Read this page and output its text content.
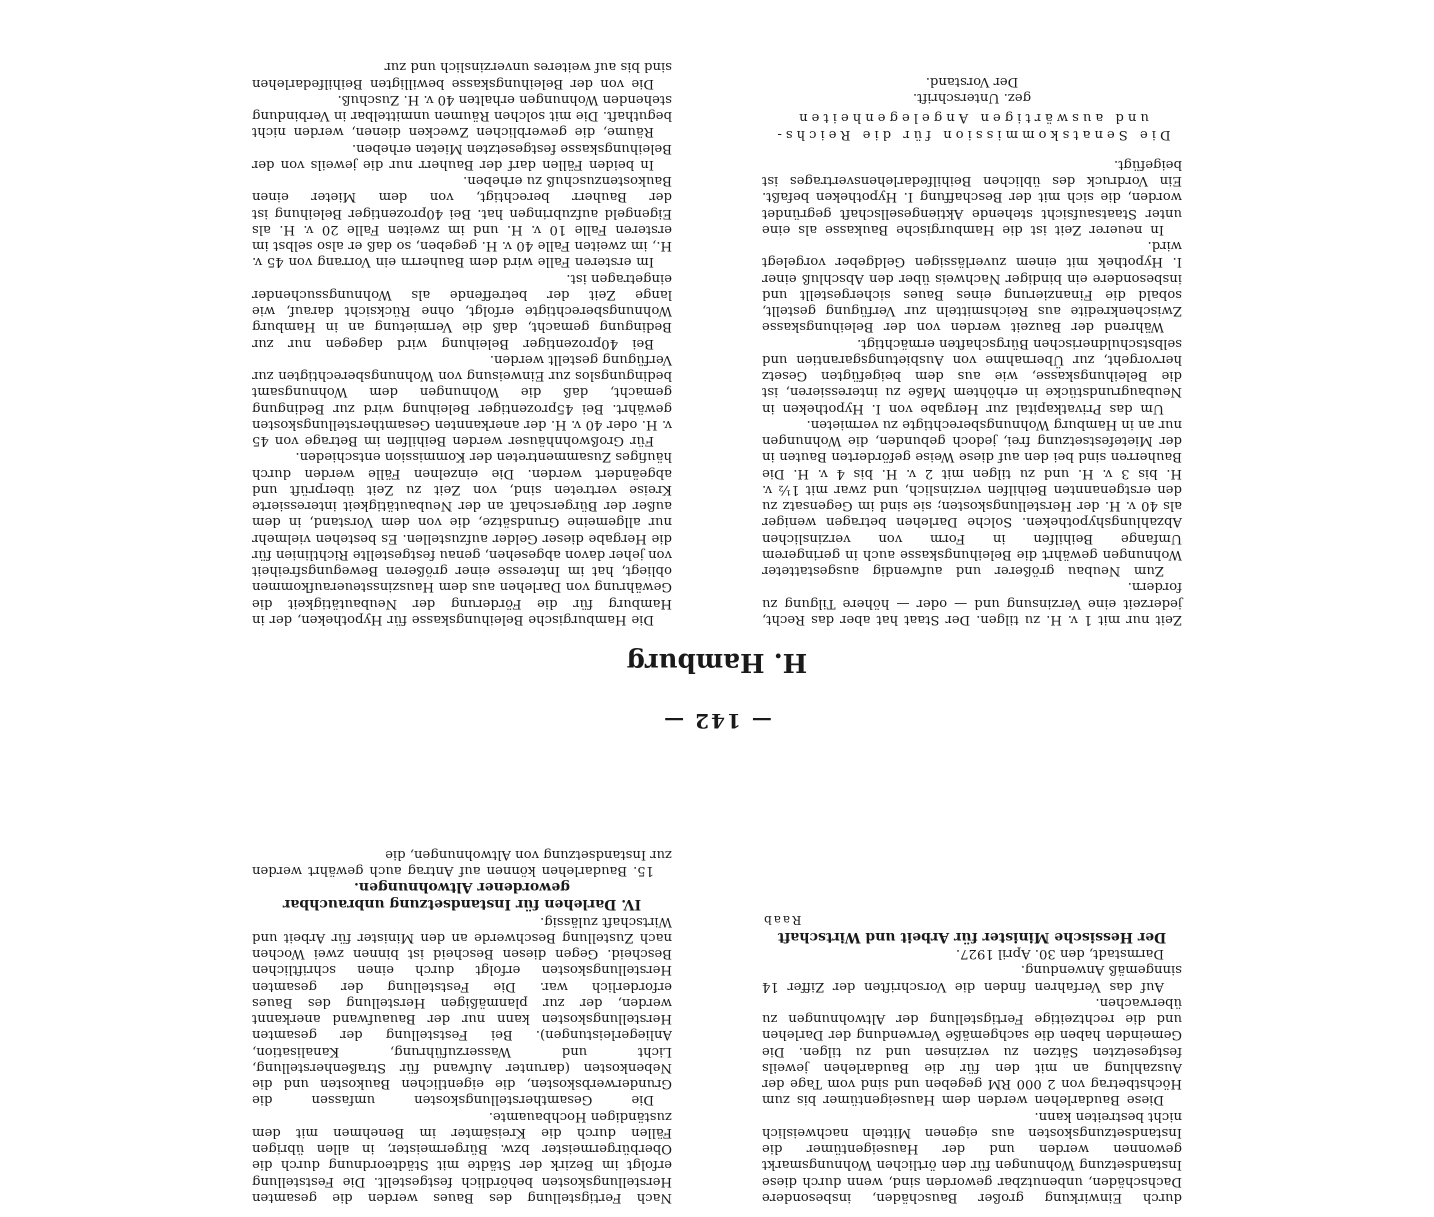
— 142 —

Nach Fertigstellung des Baues werden die gesamten Herstellungskosten behördlich festgestellt. Die Feststellung erfolgt im Bezirk der Städte mit Städteordnung durch die Oberbürgermeister bzw. Bürgermeister, in allen übrigen Fällen durch die Kreisämter im Benehmen mit dem zuständigen Hochbauamte.

Die Gesamtherstellungskosten umfassen die Grunderwerbskosten, die eigentlichen Baukosten und die Nebenkosten (darunter Aufwand für Straßenherstellung, Licht und Wasserzuführung, Kanalisation, Anliegerleistungen). Bei Feststellung der gesamten Herstellungskosten kann nur der Bauaufwand anerkannt werden, der zur planmäßigen Herstellung des Baues erforderlich war. Die Feststellung der gesamten Herstellungskosten erfolgt durch einen schriftlichen Bescheid. Gegen diesen Bescheid ist binnen zwei Wochen nach Zustellung Beschwerde an den Minister für Arbeit und Wirtschaft zulässig.

IV. Darlehen für Instandsetzung unbrauchbar gewordener Altwohnungen.

15. Baudarlehen können auf Antrag auch gewährt werden zur Instandsetzung von Altwohnungen, die

durch Einwirkung großer Bauschäden, insbesondere Dachschäden, unbenutzbar geworden sind, wenn durch diese Instandsetzung Wohnungen für den örtlichen Wohnungsmarkt gewonnen werden und der Hauseigentümer die Instandsetzungskosten aus eigenen Mitteln nachweislich nicht bestreiten kann.

Diese Baudarlehen werden dem Hauseigentümer bis zum Höchstbetrag von 2 000 RM gegeben und sind vom Tage der Auszahlung an mit den für die Baudarlehen jeweils festgesetzten Sätzen zu verzinsen und zu tilgen. Die Gemeinden haben die sachgemäße Verwendung der Darlehen und die rechtzeitige Fertigstellung der Altwohnungen zu überwachen.

Auf das Verfahren finden die Vorschriften der Ziffer 14 sinngemäß Anwendung.

Darmstadt, den 30. April 1927.

Der Hessische Minister für Arbeit und Wirtschaft

Raab

H. Hamburg

Die Hamburgische Beleihungskasse für Hypotheken, der in Hamburg für die Förderung der Neubautätigkeit die Gewährung von Darlehen aus dem Hauszinssteueraufkommen obliegt, hat im Interesse einer größeren Bewegungsfreiheit von jeher davon abgesehen, genau festgestellte Richtlinien für die Hergabe dieser Gelder aufzustellen. Es bestehen vielmehr nur allgemeine Grundsätze, die von dem Vorstand, in dem außer der Bürgerschaft an der Neubautätigkeit interessierte Kreise vertreten sind, von Zeit zu Zeit überprüft und abgeändert werden. Die einzelnen Fälle werden durch häufiges Zusammentreten der Kommission entschieden.

Für Großwohnhäuser werden Beihilfen im Betrage von 45 v. H. oder 40 v. H. der anerkannten Gesamtherstellungskosten gewährt. Bei 45prozentiger Beleihung wird zur Bedingung gemacht, daß die Wohnungen dem Wohnungsamt bedingungslos zur Einweisung von Wohnungsberechtigten zur Verfügung gestellt werden.

Bei 40prozentiger Beleihung wird dagegen nur zur Bedingung gemacht, daß die Vermietung an in Hamburg Wohnungsberechtigte erfolgt, ohne Rücksicht darauf, wie lange Zeit der betreffende als Wohnungssuchender eingetragen ist.

Im ersteren Falle wird dem Bauherrn ein Vorrang von 45 v. H., im zweiten Falle 40 v. H. gegeben, so daß er also selbst im ersteren Falle 10 v. H. und im zweiten Falle 20 v. H. als Eigengeld aufzubringen hat. Bei 40prozentiger Beleihung ist der Bauherr berechtigt, von dem Mieter einen Baukostenzuschuß zu erheben.

In beiden Fällen darf der Bauherr nur die jeweils von der Beleihungskasse festgesetzten Mieten erheben.

Räume, die gewerblichen Zwecken dienen, werden nicht beguthaft. Die mit solchen Räumen unmittelbar in Verbindung stehenden Wohnungen erhalten 40 v. H. Zuschuß.

Die von der Beleihungskasse bewilligten Beihilfedarlehen sind bis auf weiteres unverzinslich und zur

Zeit nur mit 1 v. H. zu tilgen. Der Staat hat aber das Recht, jederzeit eine Verzinsung und — oder — höhere Tilgung zu fordern.

Zum Neubau größerer und aufwendig ausgestatteter Wohnungen gewährt die Beleihungskasse auch in geringerem Umfange Beihilfen in Form von verzinslichen Abzahlungshypotheken. Solche Darlehen betragen weniger als 40 v. H. der Herstellungskosten; sie sind im Gegensatz zu den erstgenannten Beihilfen verzinslich, und zwar mit 1½ v. H. bis 3 v. H. und zu tilgen mit 2 v. H. bis 4 v. H. Die Bauherren sind bei den auf diese Weise geförderten Bauten in der Mietefestsetzung frei, jedoch gebunden, die Wohnungen nur an in Hamburg Wohnungsberechtigte zu vermieten.

Um das Privatkapital zur Hergabe von I. Hypotheken in Neubaugrundstücke in erhöhtem Maße zu interessieren, ist die Beleihungskasse, wie aus dem beigefügten Gesetz hervorgeht, zur Übernahme von Ausbietungsgarantien und selbstschuldnerischen Bürgschaften ermächtigt.

Während der Bauzeit werden von der Beleihungskasse Zwischenkredite aus Reichsmitteln zur Verfügung gestellt, sobald die Finanzierung eines Baues sichergestellt und insbesondere ein bindiger Nachweis über den Abschluß einer I. Hypothek mit einem zuverlässigen Geldgeber vorgelegt wird.

In neuerer Zeit ist die Hamburgische Baukasse als eine unter Staatsaufsicht stehende Aktiengesellschaft gegründet worden, die sich mit der Beschaffung I. Hypotheken befaßt. Ein Vordruck des üblichen Beihilfedarlehensvertrages ist beigefügt.

Die Senatskommission für die Reichs- und auswärtigen Angelegenheiten

gez. Unterschrift.

Der Vorstand.
